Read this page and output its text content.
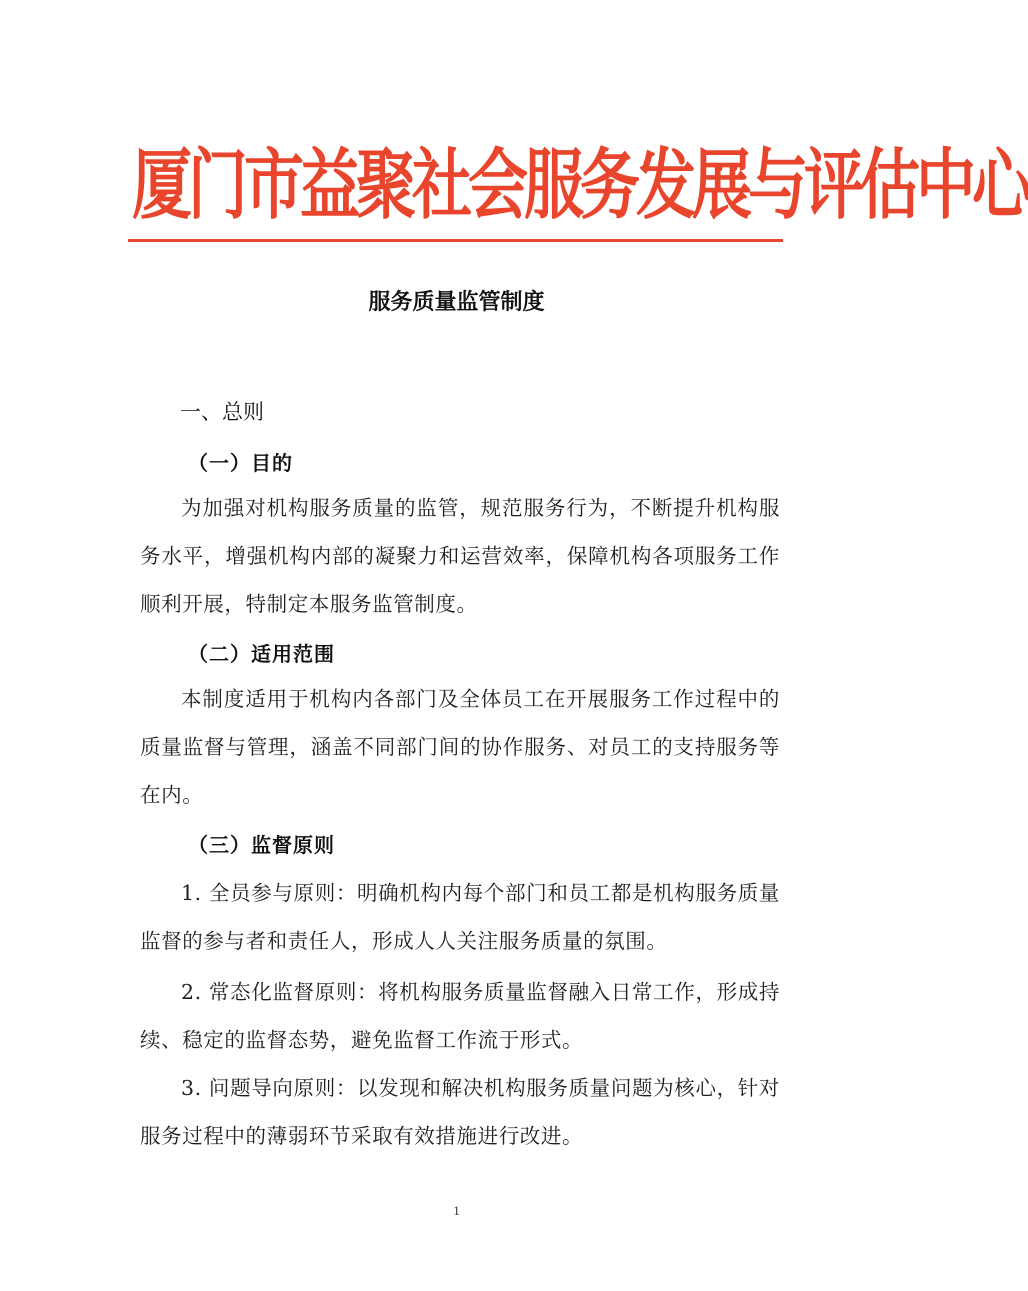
厦门市益聚社会服务发展与评估中心
服务质量监管制度
一、总则
（一）目的
为加强对机构服务质量的监管，规范服务行为，不断提升机构服务水平，增强机构内部的凝聚力和运营效率，保障机构各项服务工作顺利开展，特制定本服务监管制度。
（二）适用范围
本制度适用于机构内各部门及全体员工在开展服务工作过程中的质量监督与管理，涵盖不同部门间的协作服务、对员工的支持服务等在内。
（三）监督原则
1. 全员参与原则：明确机构内每个部门和员工都是机构服务质量监督的参与者和责任人，形成人人关注服务质量的氛围。
2. 常态化监督原则：将机构服务质量监督融入日常工作，形成持续、稳定的监督态势，避免监督工作流于形式。
3. 问题导向原则：以发现和解决机构服务质量问题为核心，针对服务过程中的薄弱环节采取有效措施进行改进。
1
